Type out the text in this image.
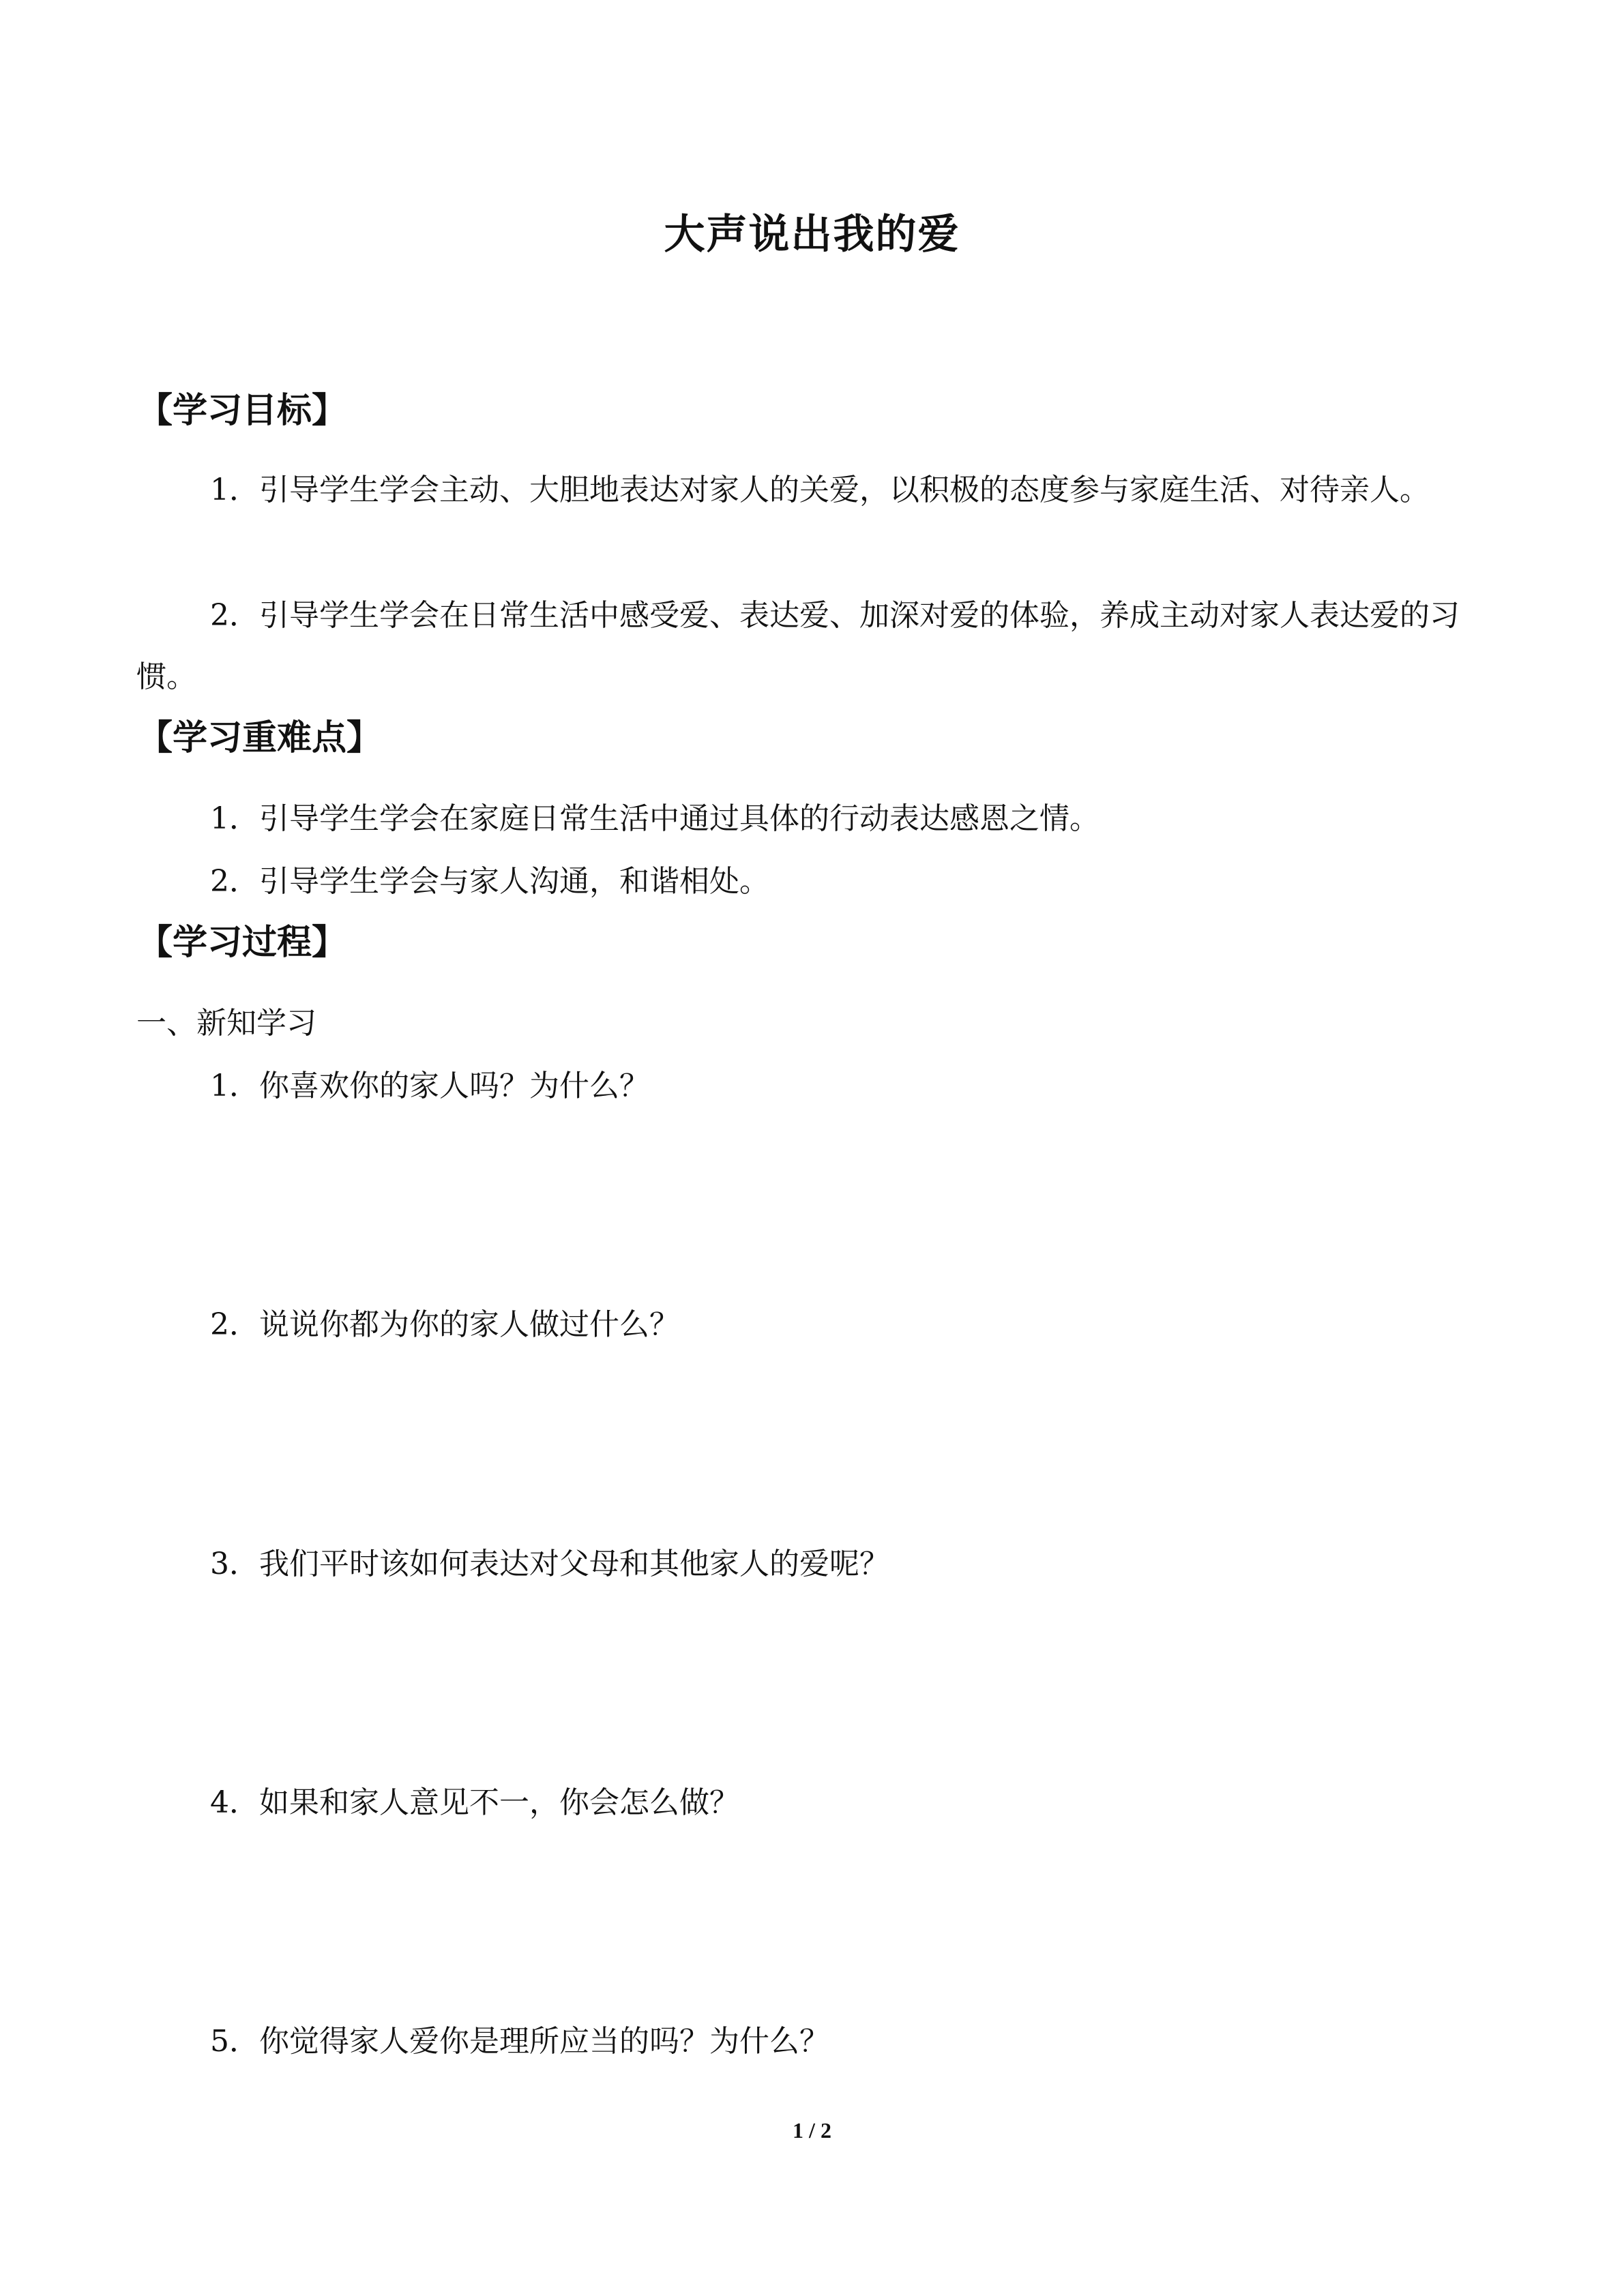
大声说出我的爱
【学习目标】
1．引导学生学会主动、大胆地表达对家人的关爱，以积极的态度参与家庭生活、对待亲人。
2．引导学生学会在日常生活中感受爱、表达爱、加深对爱的体验，养成主动对家人表达爱的习惯。
【学习重难点】
1．引导学生学会在家庭日常生活中通过具体的行动表达感恩之情。
2．引导学生学会与家人沟通，和谐相处。
【学习过程】
一、新知学习
1．你喜欢你的家人吗？为什么？
2．说说你都为你的家人做过什么？
3．我们平时该如何表达对父母和其他家人的爱呢？
4．如果和家人意见不一，你会怎么做？
5．你觉得家人爱你是理所应当的吗？为什么？
1 / 2
